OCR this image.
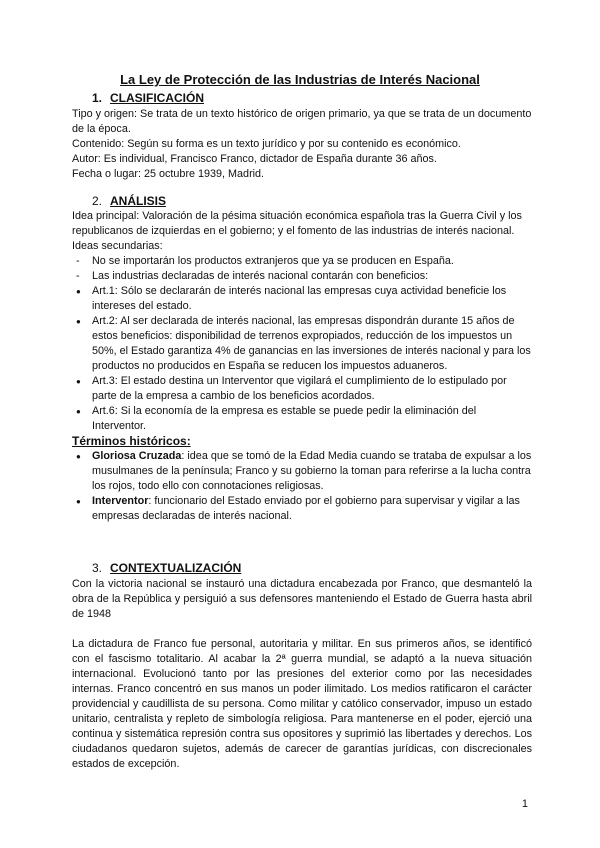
La Ley de Protección de las Industrias de Interés Nacional
1. CLASIFICACIÓN

Tipo y origen: Se trata de un texto histórico de origen primario, ya que se trata de un documento de la época.

Contenido: Según su forma es un texto jurídico y por su contenido es económico.

Autor: Es individual, Francisco Franco, dictador de España durante 36 años.

Fecha o lugar: 25 octubre 1939, Madrid.

2. ANÁLISIS

Idea principal: Valoración de la pésima situación económica española tras la Guerra Civil y los republicanos de izquierdas en el gobierno; y el fomento de las industrias de interés nacional.

Ideas secundarias:

- No se importarán los productos extranjeros que ya se producen en España.
- Las industrias declaradas de interés nacional contarán con beneficios:
● Art.1: Sólo se declararán de interés nacional las empresas cuya actividad beneficie los intereses del estado.
● Art.2: Al ser declarada de interés nacional, las empresas dispondrán durante 15 años de estos beneficios: disponibilidad de terrenos expropiados, reducción de los impuestos un 50%, el Estado garantiza 4% de ganancias en las inversiones de interés nacional y para los productos no producidos en España se reducen los impuestos aduaneros.
● Art.3: El estado destina un Interventor que vigilará el cumplimiento de lo estipulado por parte de la empresa a cambio de los beneficios acordados.
● Art.6: Si la economía de la empresa es estable se puede pedir la eliminación del Interventor.
Términos históricos:
● Gloriosa Cruzada: idea que se tomó de la Edad Media cuando se trataba de expulsar a los musulmanes de la península; Franco y su gobierno la toman para referirse a la lucha contra los rojos, todo ello con connotaciones religiosas.
● Interventor: funcionario del Estado enviado por el gobierno para supervisar y vigilar a las empresas declaradas de interés nacional.
3. CONTEXTUALIZACIÓN

Con la victoria nacional se instauró una dictadura encabezada por Franco, que desmanteló la obra de la República y persiguió a sus defensores manteniendo el Estado de Guerra hasta abril de 1948

La dictadura de Franco fue personal, autoritaria y militar. En sus primeros años, se identificó con el fascismo totalitario. Al acabar la 2ª guerra mundial, se adaptó a la nueva situación internacional. Evolucionó tanto por las presiones del exterior como por las necesidades internas. Franco concentró en sus manos un poder ilimitado. Los medios ratificaron el carácter providencial y caudillista de su persona. Como militar y católico conservador, impuso un estado unitario, centralista y repleto de simbología religiosa. Para mantenerse en el poder, ejerció una continua y sistemática represión contra sus opositores y suprimió las libertades y derechos. Los ciudadanos quedaron sujetos, además de carecer de garantías jurídicas, con discrecionales estados de excepción.

1
